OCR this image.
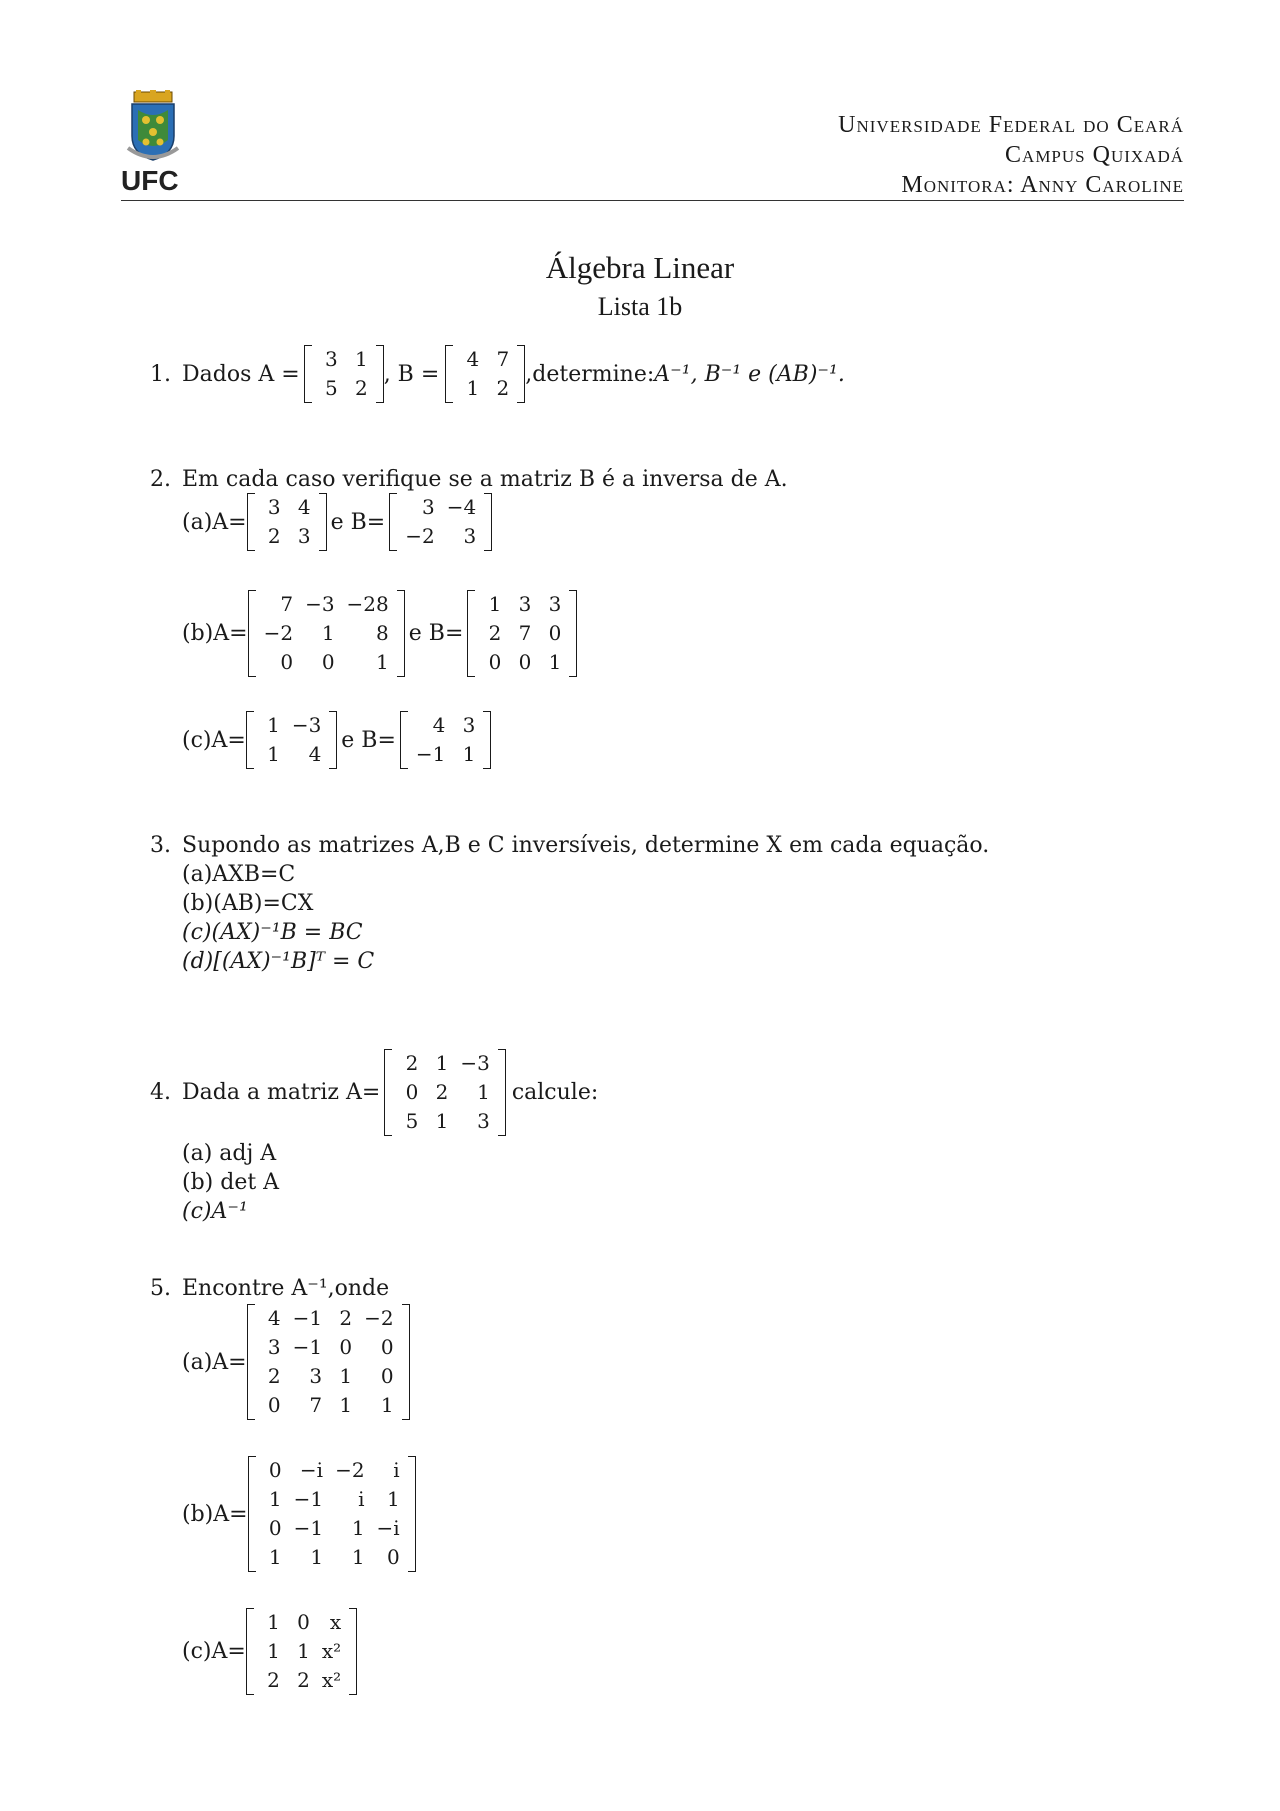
UFC
Universidade Federal do Ceará
Campus Quixadá
Monitora: Anny Caroline
Álgebra Linear
Lista 1b
1. Dados A =
3	1
5	2
, B =
4	7
1	2
,determine: A⁻¹, B⁻¹ e (AB)⁻¹.
2. Em cada caso verifique se a matriz B é a inversa de A.
(a)A=
3	4
2	3
e B=
3	−4
−2	3
(b)A=
7	−3	−28
−2	1	8
0	0	1
e B=
1	3	3
2	7	0
0	0	1
(c)A=
1	−3
1	4
e B=
4	3
−1	1
3. Supondo as matrizes A,B e C inversíveis, determine X em cada equação.
(a)AXB=C
(b)(AB)=CX
(c)(AX)⁻¹B = BC
(d)[(AX)⁻¹B]ᵀ = C
4. Dada a matriz A=
2	1	−3
0	2	1
5	1	3
calcule:
(a) adj A
(b) det A
(c)A⁻¹
5. Encontre A⁻¹,onde
(a)A=
4	−1	2	−2
3	−1	0	0
2	3	1	0
0	7	1	1
(b)A=
0	−i	−2	i
1	−1	i	1
0	−1	1	−i
1	1	1	0
(c)A=
1	0	x
1	1	x²
2	2	x²
